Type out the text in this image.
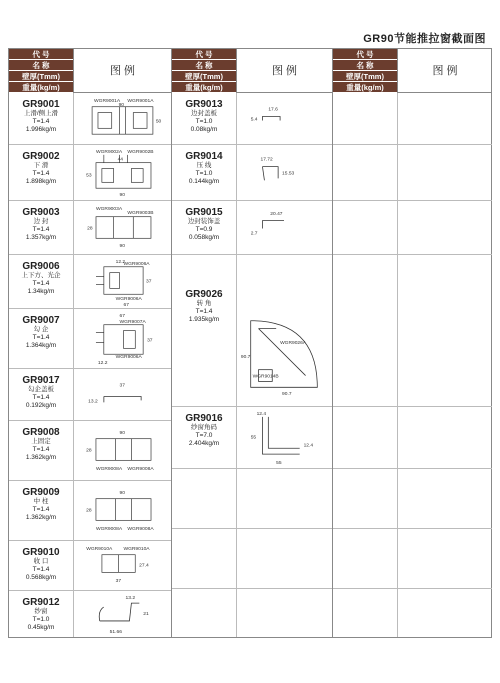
GR90节能推拉窗截面图
代 号
名 称
壁厚(Tmm)
重量(kg/m)
图 例
GR9001
上滑/侧上滑
T=1.4
1.996kg/m
WGR9001A WGR9001A
90
50
GR9002
下 滑
T=1.4
1.898kg/m
WGR9002A WGR9002B
44
53
90
GR9003
边 封
T=1.4
1.357kg/m
WGR9003A
WGR9003B
28
90
GR9006
上下方、光企
T=1.4
1.34kg/m
12.2
WGR9006A
37
WGR9006A
67
GR9007
勾 企
T=1.4
1.364kg/m
67
WGR9007A
37
WGR9006A
12.2
GR9017
勾企盖板
T=1.4
0.192kg/m
37
13.2
GR9008
上固定
T=1.4
1.362kg/m
90
28
WGR9008A WGR9008A
GR9009
中 柱
T=1.4
1.362kg/m
90
28
WGR9008A WGR9008A
GR9010
收 口
T=1.4
0.568kg/m
WGR9010A WGR9010A
27.4
37
GR9012
纱窗
T=1.0
0.45kg/m
13.2
21
51.66
代 号
名 称
壁厚(Tmm)
重量(kg/m)
图 例
GR9013
边封盖板
T=1.0
0.08kg/m
17.6
5.4
GR9014
压 线
T=1.0
0.144kg/m
17.72
15.53
GR9015
边封装饰盖
T=0.9
0.058kg/m
20.47
2.7
GR9026
转 角
T=1.4
1.935kg/m
WGR9026A
90.7
WGR9014B
90.7
GR9016
纱窗角码
T=7.0
2.404kg/m
12.4
55
12.4
55
代 号
名 称
壁厚(Tmm)
重量(kg/m)
图 例
